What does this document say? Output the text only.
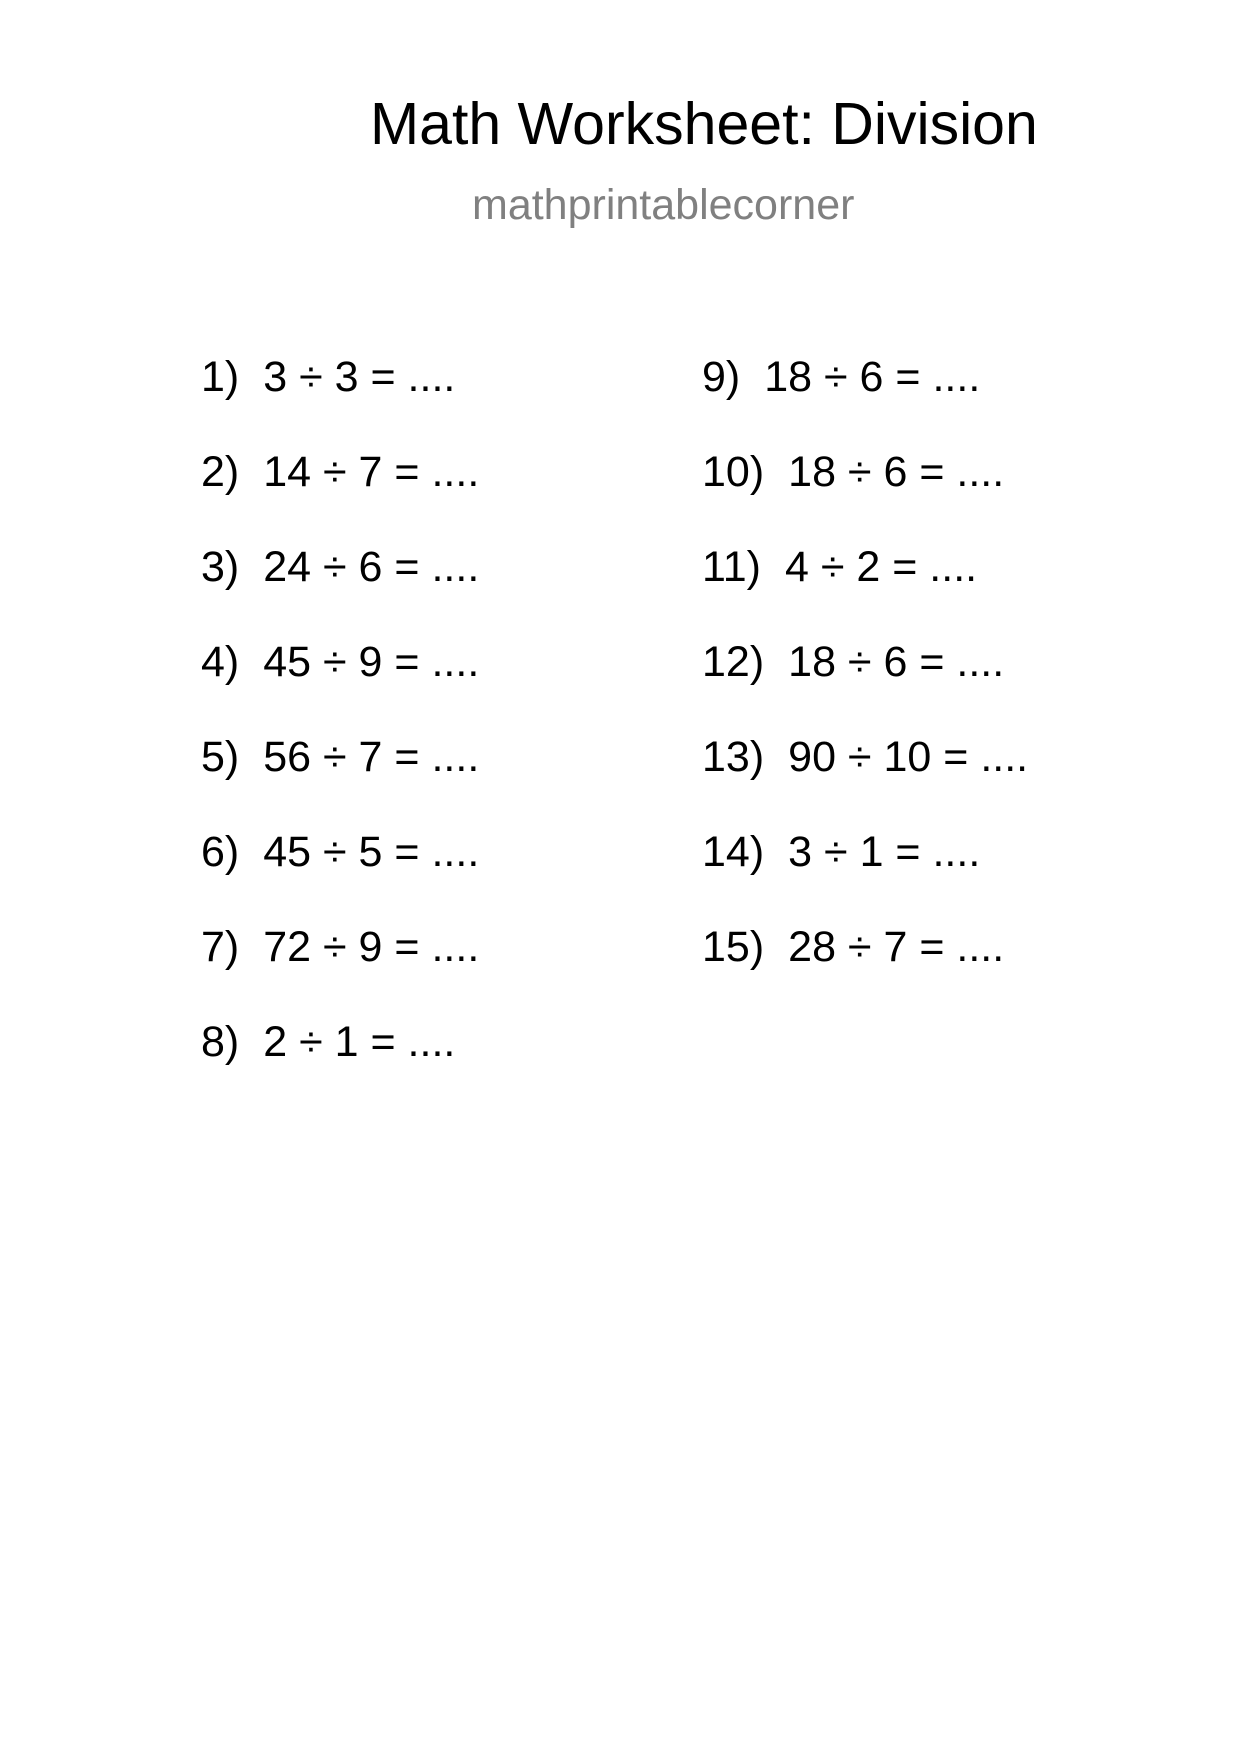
Math Worksheet: Division
mathprintablecorner
1) 3 ÷ 3 = ....
2) 14 ÷ 7 = ....
3) 24 ÷ 6 = ....
4) 45 ÷ 9 = ....
5) 56 ÷ 7 = ....
6) 45 ÷ 5 = ....
7) 72 ÷ 9 = ....
8) 2 ÷ 1 = ....
9) 18 ÷ 6 = ....
10) 18 ÷ 6 = ....
11) 4 ÷ 2 = ....
12) 18 ÷ 6 = ....
13) 90 ÷ 10 = ....
14) 3 ÷ 1 = ....
15) 28 ÷ 7 = ....
